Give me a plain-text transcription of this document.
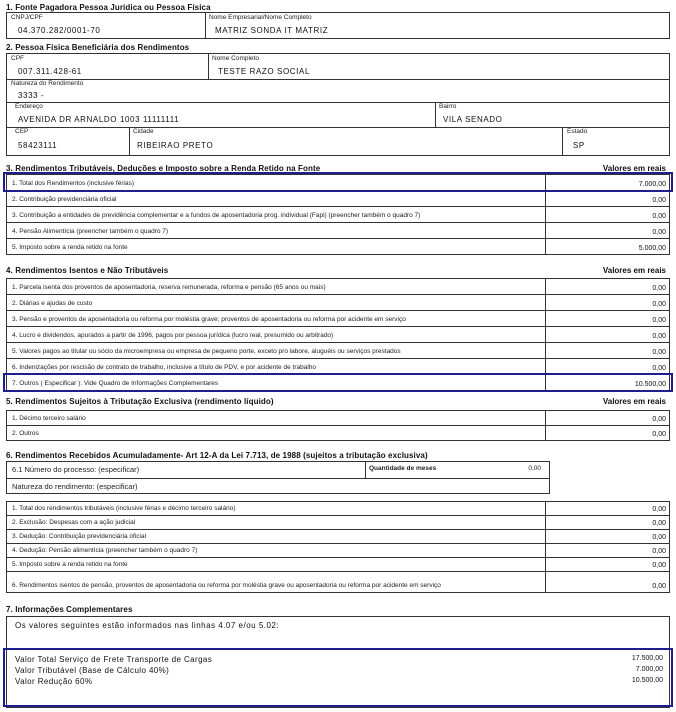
1. Fonte Pagadora Pessoa Jurídica ou Pessoa Física
CNPJ/CPF
04.370.282/0001-70
Nome Empresarial/Nome Completo
MATRIZ SONDA IT MATRIZ
2. Pessoa Física Beneficiária dos Rendimentos
CPF
007.311.428-61
Nome Completo
TESTE RAZO SOCIAL
Natureza do Rendimento
3333 -
Endereço
AVENIDA DR ARNALDO 1003 11111111
Bairro
VILA SENADO
CEP
58423111
Cidade
RIBEIRAO PRETO
Estado
SP
3. Rendimentos Tributáveis, Deduções e Imposto sobre a Renda Retido na Fonte	Valores em reais
1. Total dos Rendimentos (inclusive férias)	7.000,00
2. Contribuição previdenciária oficial	0,00
3. Contribuição a entidades de previdência complementar e a fundos de aposentadoria prog. individual (Fapi) (preencher também o quadro 7)	0,00
4. Pensão Alimentícia (preencher também o quadro 7)	0,00
5. Imposto sobre a renda retido na fonte	5.000,00
4. Rendimentos Isentos e Não Tributáveis	Valores em reais
1. Parcela isenta dos proventos de aposentadoria, reserva remunerada, reforma e pensão (65 anos ou mais)	0,00
2. Diárias e ajudas de custo	0,00
3. Pensão e proventos de aposentadoria ou reforma por moléstia grave; proventos de aposentadoria ou reforma por acidente em serviço	0,00
4. Lucro e dividendos, apurados a partir de 1996, pagos por pessoa jurídica (lucro real, presumido ou arbitrado)	0,00
5. Valores pagos ao titular ou sócio da microempresa ou empresa de pequeno porte, exceto pro labore, aluguéis ou serviços prestados	0,00
6. Indenizações por rescisão de contrato de trabalho, inclusive a título de PDV, e por acidente de trabalho	0,00
7. Outros ( Especificar ): Vide Quadro de Informações Complementares	10.500,00
5. Rendimentos Sujeitos à Tributação Exclusiva (rendimento líquido)	Valores em reais
1. Décimo terceiro salário	0,00
2. Outros	0,00
6. Rendimentos Recebidos Acumuladamente- Art 12-A da Lei 7.713, de 1988 (sujeitos a tributação exclusiva)
6.1 Número do processo: (especificar)	Quantidade de meses	0,00
Natureza do rendimento: (especificar)
1. Total dos rendimentos tributáveis (inclusive férias e décimo terceiro salário)	0,00
2. Exclusão: Despesas com a ação judicial	0,00
3. Dedução: Contribuição previdenciária oficial	0,00
4. Dedução: Pensão alimentícia (preencher também o quadro 7)	0,00
5. Imposto sobre a renda retido na fonte	0,00
6. Rendimentos isentos de pensão, proventos de aposentadoria ou reforma por moléstia grave ou aposentadoria ou reforma por acidente em serviço	0,00
7. Informações Complementares
Os valores seguintes estão informados nas linhas 4.07 e/ou 5.02:
Valor Total Serviço de Frete Transporte de Cargas	17.500,00
Valor Tributável (Base de Cálculo 40%)	7.000,00
Valor Redução 60%	10.500,00
